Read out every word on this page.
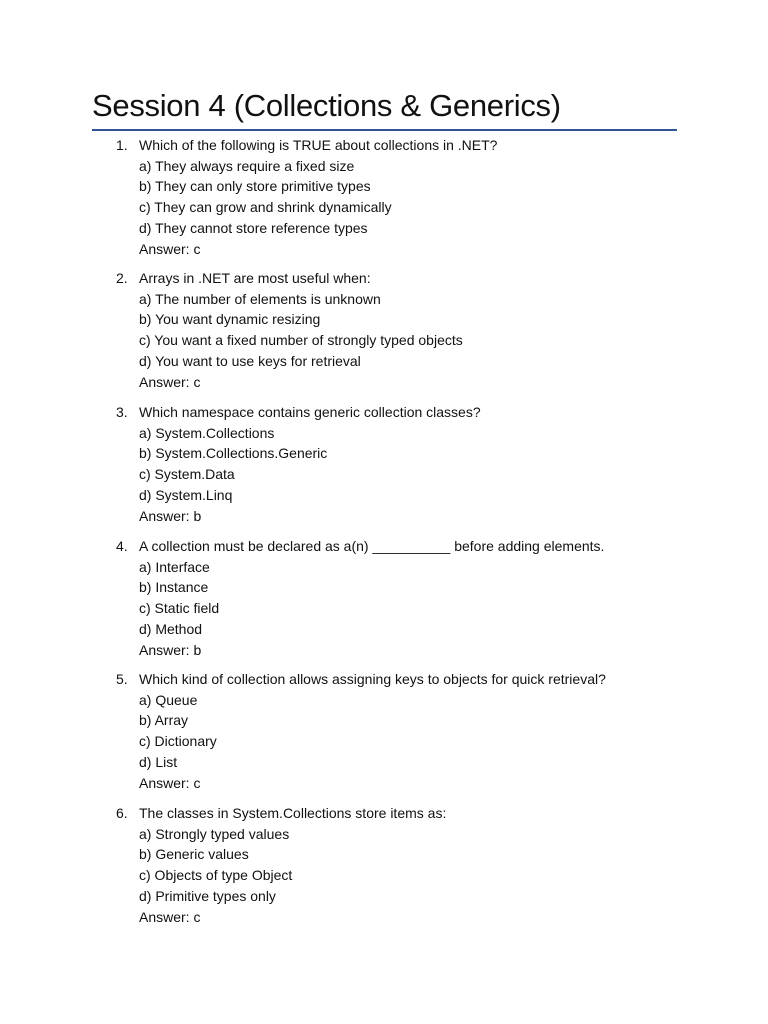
Session 4 (Collections & Generics)
1. Which of the following is TRUE about collections in .NET?
a) They always require a fixed size
b) They can only store primitive types
c) They can grow and shrink dynamically
d) They cannot store reference types
Answer: c
2. Arrays in .NET are most useful when:
a) The number of elements is unknown
b) You want dynamic resizing
c) You want a fixed number of strongly typed objects
d) You want to use keys for retrieval
Answer: c
3. Which namespace contains generic collection classes?
a) System.Collections
b) System.Collections.Generic
c) System.Data
d) System.Linq
Answer: b
4. A collection must be declared as a(n) __________ before adding elements.
a) Interface
b) Instance
c) Static field
d) Method
Answer: b
5. Which kind of collection allows assigning keys to objects for quick retrieval?
a) Queue
b) Array
c) Dictionary
d) List
Answer: c
6. The classes in System.Collections store items as:
a) Strongly typed values
b) Generic values
c) Objects of type Object
d) Primitive types only
Answer: c
